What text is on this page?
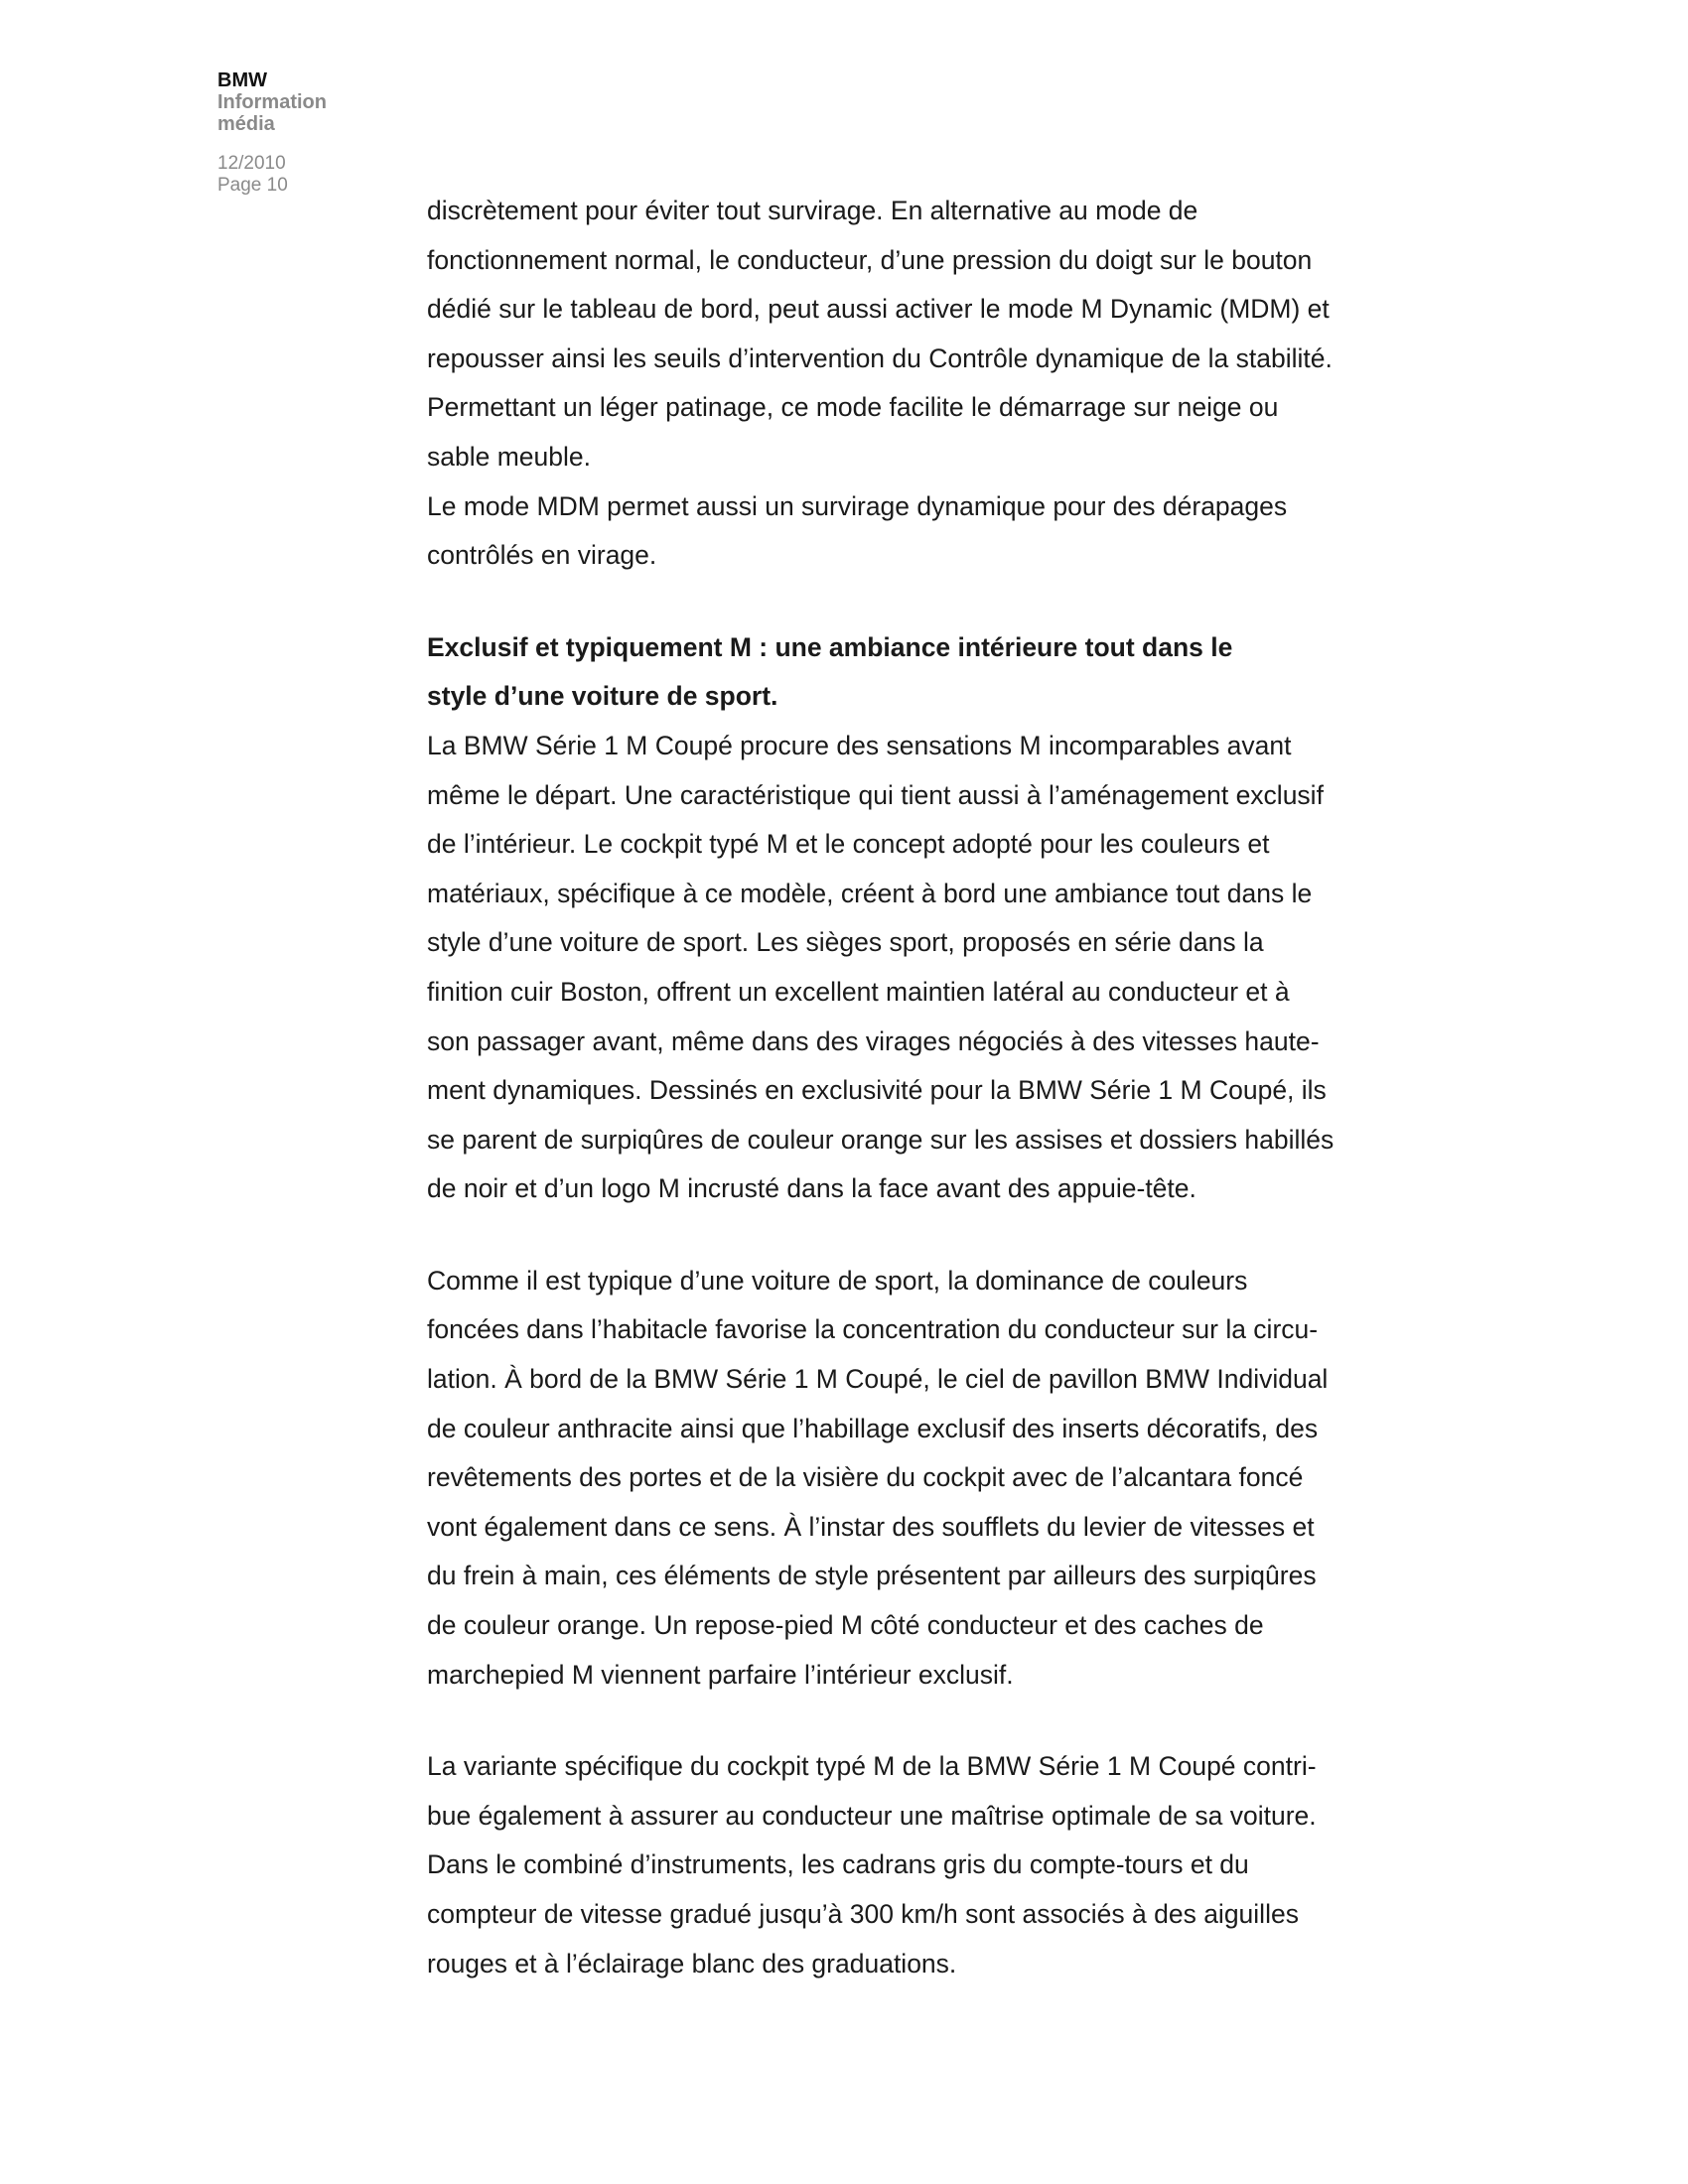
BMW
Information
média
12/2010
Page 10

discrètement pour éviter tout survirage. En alternative au mode de

fonctionnement normal, le conducteur, d’une pression du doigt sur le bouton

dédié sur le tableau de bord, peut aussi activer le mode M Dynamic (MDM) et

repousser ainsi les seuils d’intervention du Contrôle dynamique de la stabilité.

Permettant un léger patinage, ce mode facilite le démarrage sur neige ou

sable meuble.

Le mode MDM permet aussi un survirage dynamique pour des dérapages

contrôlés en virage.

Exclusif et typiquement M : une ambiance intérieure tout dans le

style d’une voiture de sport.

La BMW Série 1 M Coupé procure des sensations M incomparables avant

même le départ. Une caractéristique qui tient aussi à l’aménagement exclusif

de l’intérieur. Le cockpit typé M et le concept adopté pour les couleurs et

matériaux, spécifique à ce modèle, créent à bord une ambiance tout dans le

style d’une voiture de sport. Les sièges sport, proposés en série dans la

finition cuir Boston, offrent un excellent maintien latéral au conducteur et à

son passager avant, même dans des virages négociés à des vitesses haute-

ment dynamiques. Dessinés en exclusivité pour la BMW Série 1 M Coupé, ils

se parent de surpiqûres de couleur orange sur les assises et dossiers habillés

de noir et d’un logo M incrusté dans la face avant des appuie-tête.

Comme il est typique d’une voiture de sport, la dominance de couleurs

foncées dans l’habitacle favorise la concentration du conducteur sur la circu-

lation. À bord de la BMW Série 1 M Coupé, le ciel de pavillon BMW Individual

de couleur anthracite ainsi que l’habillage exclusif des inserts décoratifs, des

revêtements des portes et de la visière du cockpit avec de l’alcantara foncé

vont également dans ce sens. À l’instar des soufflets du levier de vitesses et

du frein à main, ces éléments de style présentent par ailleurs des surpiqûres

de couleur orange. Un repose-pied M côté conducteur et des caches de

marchepied M viennent parfaire l’intérieur exclusif.

La variante spécifique du cockpit typé M de la BMW Série 1 M Coupé contri-

bue également à assurer au conducteur une maîtrise optimale de sa voiture.

Dans le combiné d’instruments, les cadrans gris du compte-tours et du

compteur de vitesse gradué jusqu’à 300 km/h sont associés à des aiguilles

rouges et à l’éclairage blanc des graduations.
